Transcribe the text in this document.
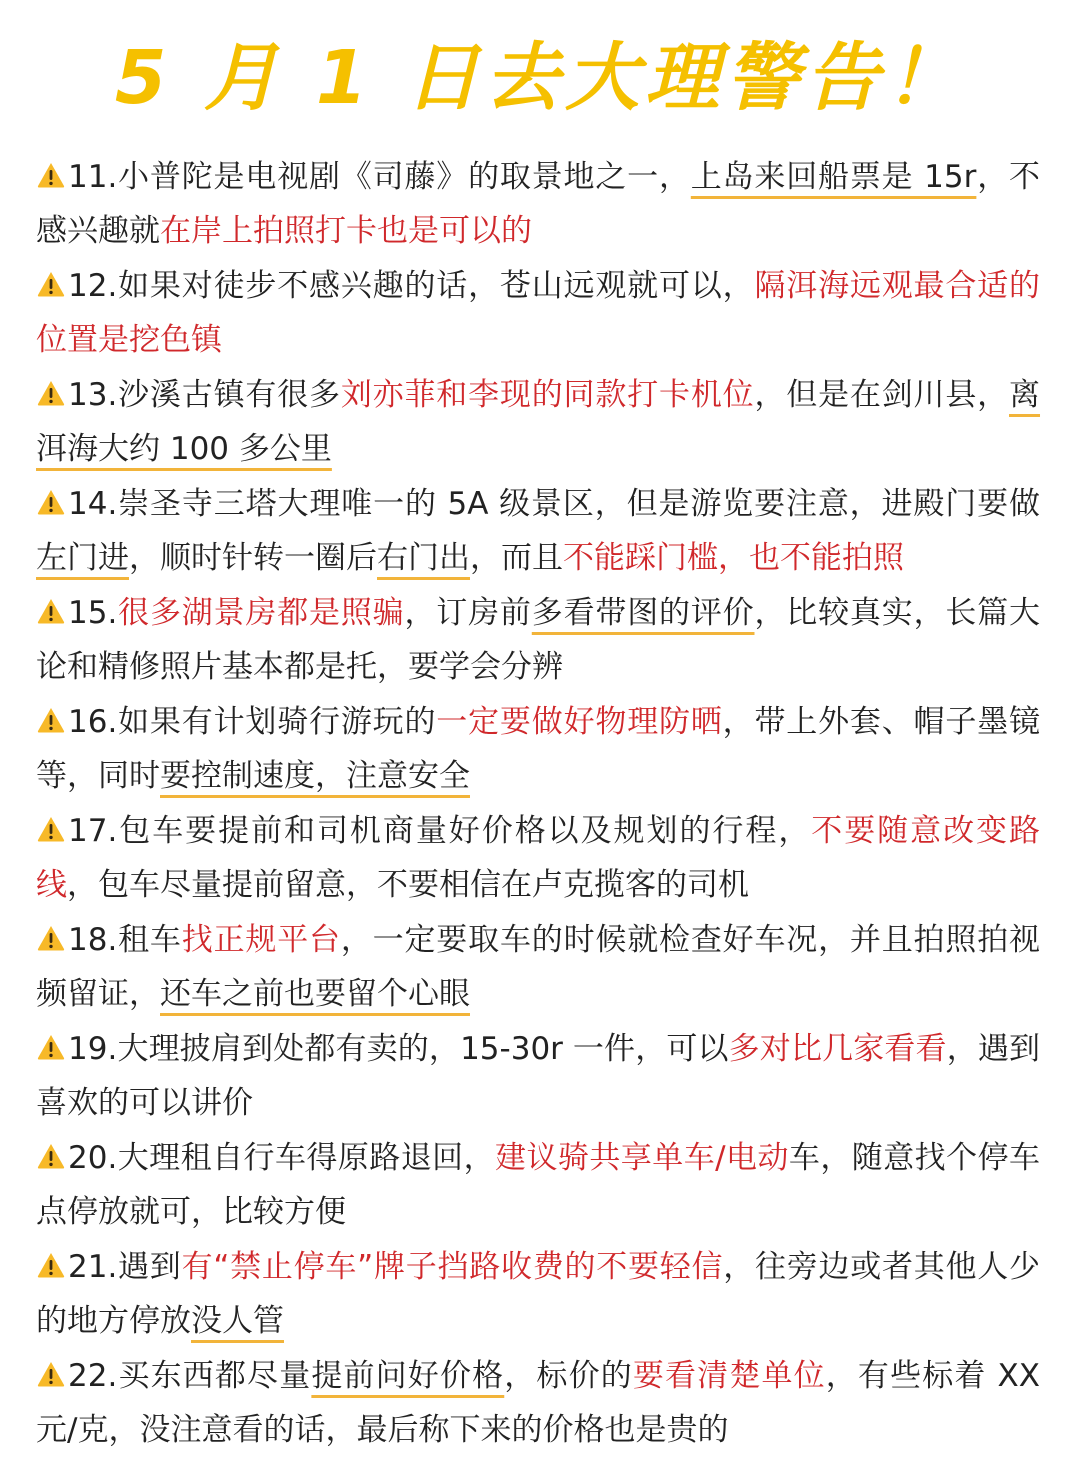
5 月 1 日去大理警告！
11.小普陀是电视剧《司藤》的取景地之一，上岛来回船票是 15r，不感兴趣就在岸上拍照打卡也是可以的
12.如果对徒步不感兴趣的话，苍山远观就可以，隔洱海远观最合适的位置是挖色镇
13.沙溪古镇有很多刘亦菲和李现的同款打卡机位，但是在剑川县，离洱海大约 100 多公里
14.崇圣寺三塔大理唯一的 5A 级景区，但是游览要注意，进殿门要做左门进，顺时针转一圈后右门出，而且不能踩门槛，也不能拍照
15.很多湖景房都是照骗，订房前多看带图的评价，比较真实，长篇大论和精修照片基本都是托，要学会分辨
16.如果有计划骑行游玩的一定要做好物理防晒，带上外套、帽子墨镜等，同时要控制速度，注意安全
17.包车要提前和司机商量好价格以及规划的行程，不要随意改变路线，包车尽量提前留意，不要相信在卢克揽客的司机
18.租车找正规平台，一定要取车的时候就检查好车况，并且拍照拍视频留证，还车之前也要留个心眼
19.大理披肩到处都有卖的，15-30r 一件，可以多对比几家看看，遇到喜欢的可以讲价
20.大理租自行车得原路退回，建议骑共享单车/电动车，随意找个停车点停放就可，比较方便
21.遇到有“禁止停车”牌子挡路收费的不要轻信，往旁边或者其他人少的地方停放没人管
22.买东西都尽量提前问好价格，标价的要看清楚单位，有些标着 XX 元/克，没注意看的话，最后称下来的价格也是贵的
